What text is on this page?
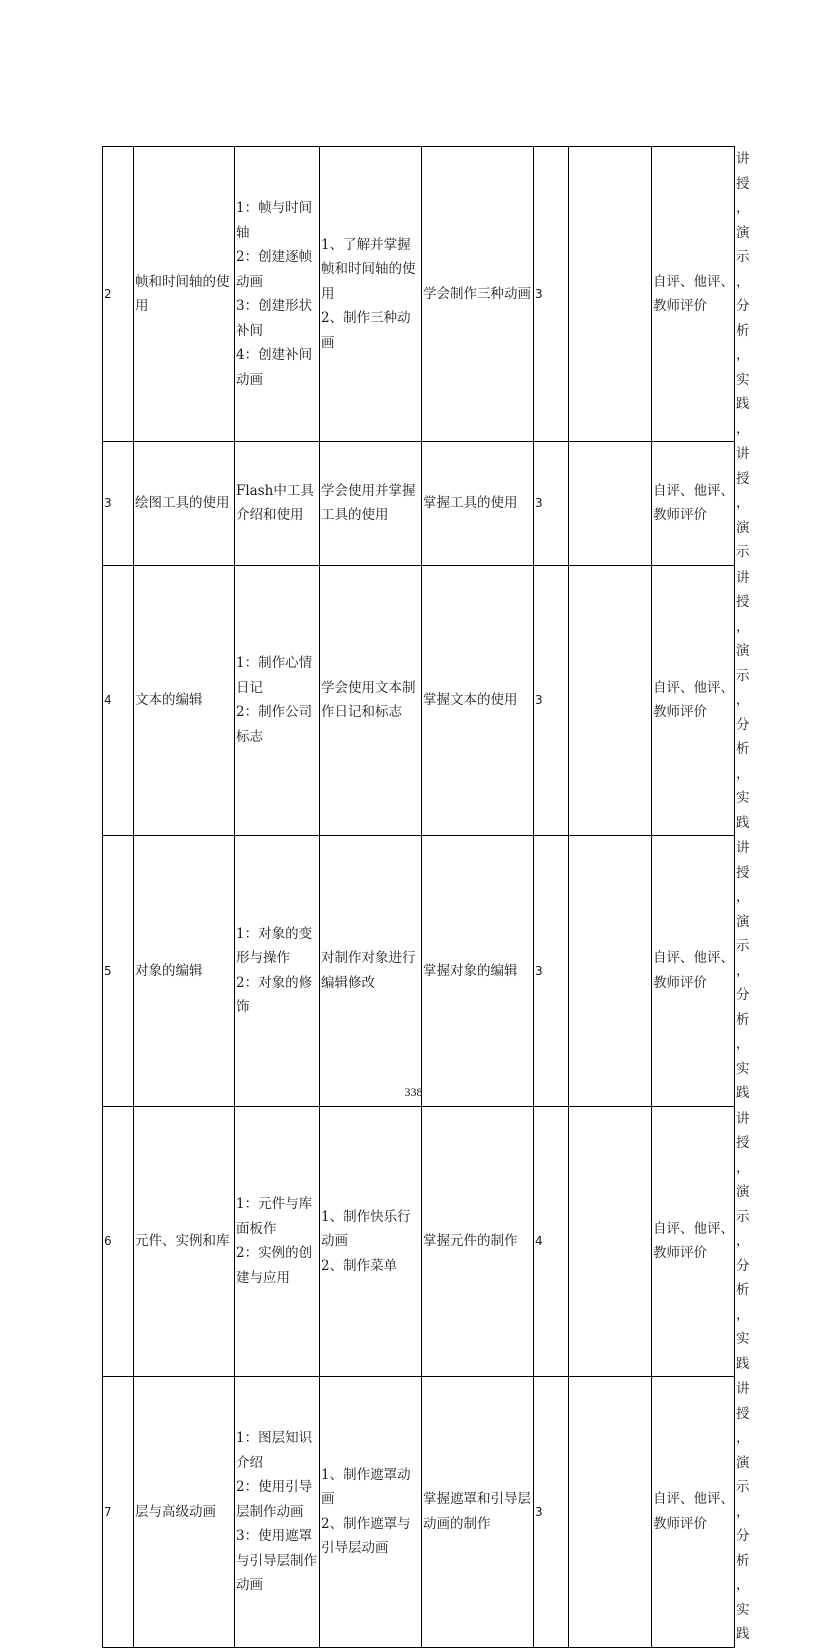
2	帧和时间轴的使用	1：帧与时间轴
2：创建逐帧动画
3：创建形状补间
4：创建补间动画	1、了解并掌握帧和时间轴的使用
2、制作三种动画	学会制作三种动画	3		自评、他评、教师评价	讲授，演示，分析，实践，
3	绘图工具的使用	Flash中工具介绍和使用	学会使用并掌握工具的使用	掌握工具的使用	3		自评、他评、教师评价	讲授，演示
4	文本的编辑	1：制作心情日记
2：制作公司标志	学会使用文本制作日记和标志	掌握文本的使用	3		自评、他评、教师评价	讲授，演示，分析，实践
5	对象的编辑	1：对象的变形与操作
2：对象的修饰	对制作对象进行编辑修改	掌握对象的编辑	3		自评、他评、教师评价	讲授，演示，分析，实践
6	元件、实例和库	1：元件与库面板作
2：实例的创建与应用	1、制作快乐行动画
2、制作菜单	掌握元件的制作	4		自评、他评、教师评价	讲授，演示，分析，实践
7	层与高级动画	1：图层知识介绍
2：使用引导层制作动画
3：使用遮罩与引导层制作动画	1、制作遮罩动画
2、制作遮罩与引导层动画	掌握遮罩和引导层动画的制作	3		自评、他评、教师评价	讲授，演示，分析，实践
338
